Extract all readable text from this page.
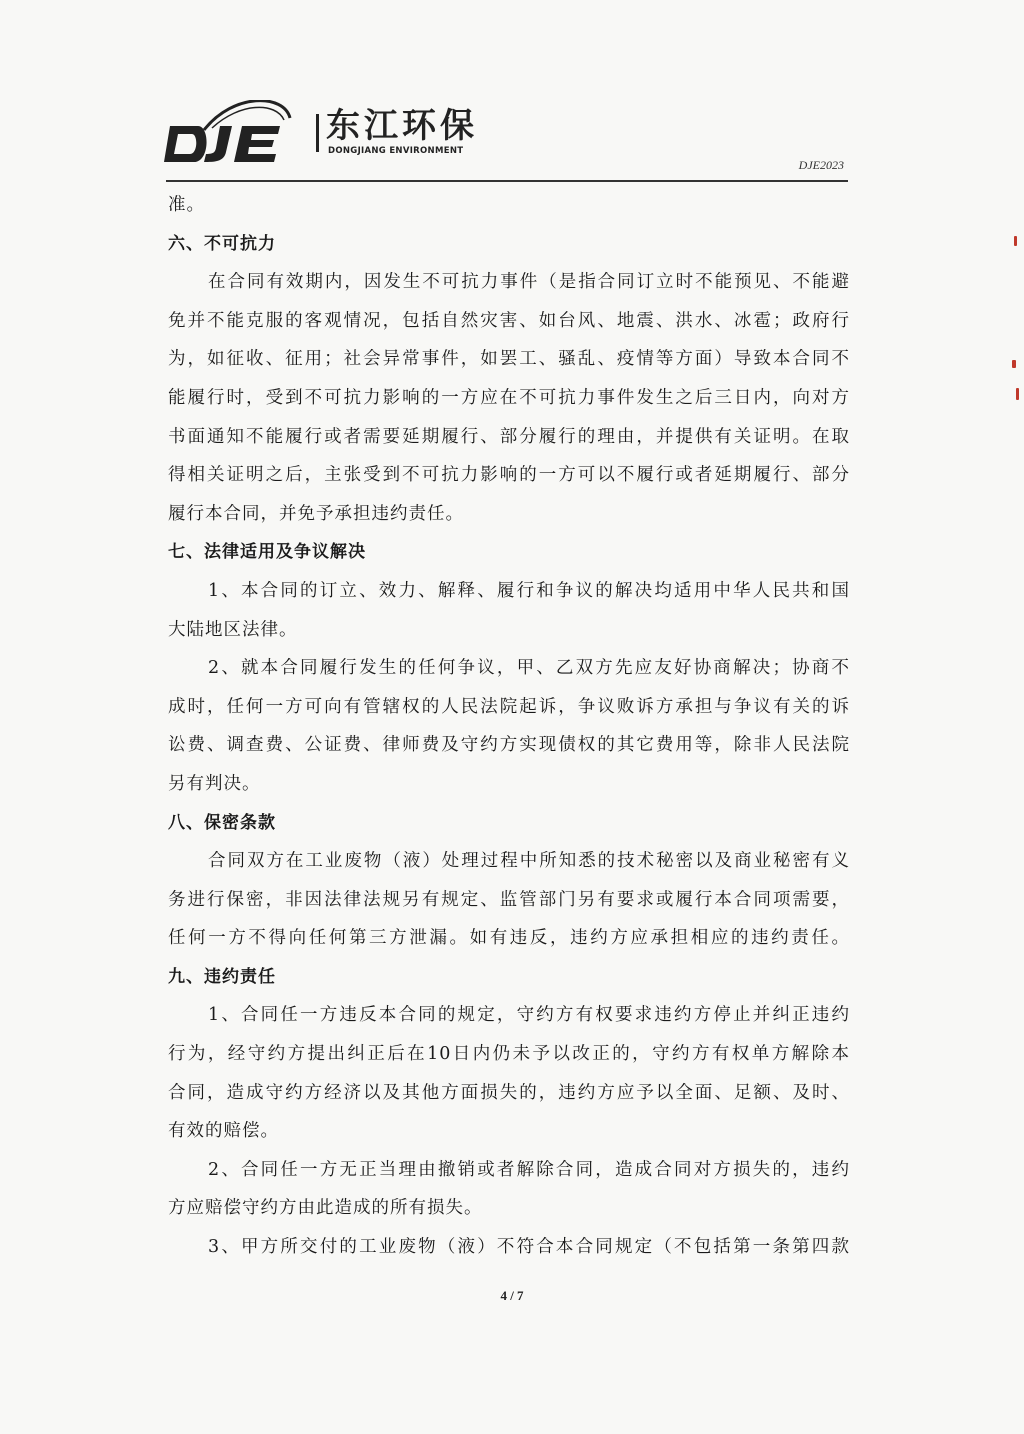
东江环保
DONGJIANG ENVIRONMENT
DJE2023
准。
六、不可抗力
在合同有效期内，因发生不可抗力事件（是指合同订立时不能预见、不能避
免并不能克服的客观情况，包括自然灾害、如台风、地震、洪水、冰雹；政府行
为，如征收、征用；社会异常事件，如罢工、骚乱、疫情等方面）导致本合同不
能履行时，受到不可抗力影响的一方应在不可抗力事件发生之后三日内，向对方
书面通知不能履行或者需要延期履行、部分履行的理由，并提供有关证明。在取
得相关证明之后，主张受到不可抗力影响的一方可以不履行或者延期履行、部分
履行本合同，并免予承担违约责任。
七、法律适用及争议解决
1、本合同的订立、效力、解释、履行和争议的解决均适用中华人民共和国
大陆地区法律。
2、就本合同履行发生的任何争议，甲、乙双方先应友好协商解决；协商不
成时，任何一方可向有管辖权的人民法院起诉，争议败诉方承担与争议有关的诉
讼费、调查费、公证费、律师费及守约方实现债权的其它费用等，除非人民法院
另有判决。
八、保密条款
合同双方在工业废物（液）处理过程中所知悉的技术秘密以及商业秘密有义
务进行保密，非因法律法规另有规定、监管部门另有要求或履行本合同项需要，
任何一方不得向任何第三方泄漏。如有违反，违约方应承担相应的违约责任。
九、违约责任
1、合同任一方违反本合同的规定，守约方有权要求违约方停止并纠正违约
行为，经守约方提出纠正后在10日内仍未予以改正的，守约方有权单方解除本
合同，造成守约方经济以及其他方面损失的，违约方应予以全面、足额、及时、
有效的赔偿。
2、合同任一方无正当理由撤销或者解除合同，造成合同对方损失的，违约
方应赔偿守约方由此造成的所有损失。
3、甲方所交付的工业废物（液）不符合本合同规定（不包括第一条第四款
4 / 7
